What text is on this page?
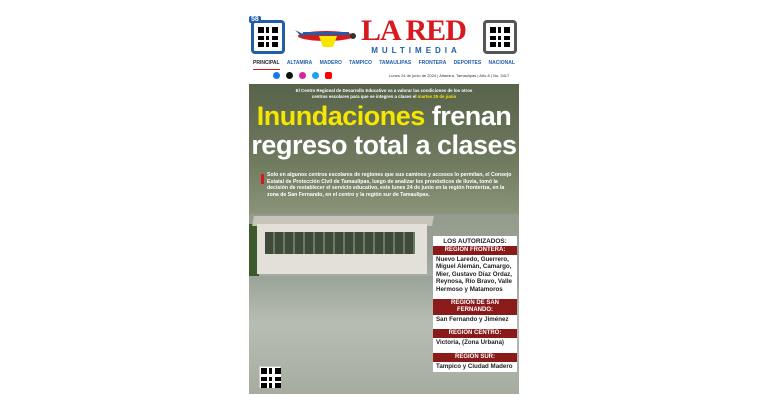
58	LA RED
MULTIMEDIA
PRINCIPAL ALTAMIRA MADERO TAMPICO TAMAULIPAS FRONTERA DEPORTES NACIONAL
Lunes 24 de junio de 2024 | Altamira, Tamaulipas | Año 8 | No. 3417
El Centro Regional de Desarrollo Educativo va a valorar las condiciones de los otros centros escolares para que se integren a clases el martes 25 de junio
Inundaciones frenan
regreso total a clases
Solo en algunos centros escolares de regiones que sus caminos y accesos lo permitan, el Consejo Estatal de Protección Civil de Tamaulipas, luego de analizar los pronósticos de lluvia, tomó la decisión de restablecer el servicio educativo, este lunes 24 de junio en la región fronteriza, en la zona de San Fernando, en el centro y la región sur de Tamaulipas.
LOS AUTORIZADOS:
REGIÓN FRONTERA:
Nuevo Laredo, Guerrero, Miguel Alemán, Camargo, Mier, Gustavo Díaz Ordaz, Reynosa, Río Bravo, Valle Hermoso y Matamoros
REGIÓN DE SAN FERNANDO:
San Fernando y Jiménez
REGIÓN CENTRO:
Victoria, (Zona Urbana)
REGIÓN SUR:
Tampico y Ciudad Madero
